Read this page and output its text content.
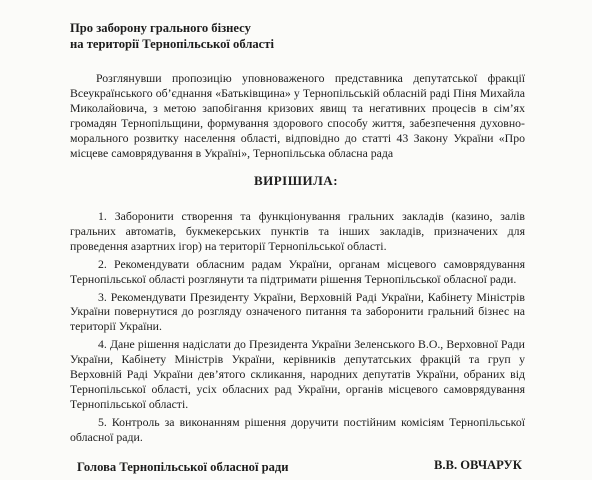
Про заборону грального бізнесу
на території Тернопільської області
Розглянувши пропозицію уповноваженого представника депутатської фракції Всеукраїнського об’єднання «Батьківщина» у Тернопільській обласній раді Піня Михайла Миколайовича, з метою запобігання кризових явищ та негативних процесів в сім’ях громадян Тернопільщини, формування здорового способу життя, забезпечення духовно-морального розвитку населення області, відповідно до статті 43 Закону України «Про місцеве самоврядування в Україні», Тернопільська обласна рада
ВИРІШИЛА:
1. Заборонити створення та функціонування гральних закладів (казино, залів гральних автоматів, букмекерських пунктів та інших закладів, призначених для проведення азартних ігор) на території Тернопільської області.
2. Рекомендувати обласним радам України, органам місцевого самоврядування Тернопільської області розглянути та підтримати рішення Тернопільської обласної ради.
3. Рекомендувати Президенту України, Верховній Раді України, Кабінету Міністрів України повернутися до розгляду означеного питання та заборонити гральний бізнес на території України.
4. Дане рішення надіслати до Президента України Зеленського В.О., Верховної Ради України, Кабінету Міністрів України, керівників депутатських фракцій та груп у Верховній Раді України дев’ятого скликання, народних депутатів України, обраних від Тернопільської області, усіх обласних рад України, органів місцевого самоврядування Тернопільської області.
5. Контроль за виконанням рішення доручити постійним комісіям Тернопільської обласної ради.
Голова Тернопільської обласної ради	В.В. ОВЧАРУК
